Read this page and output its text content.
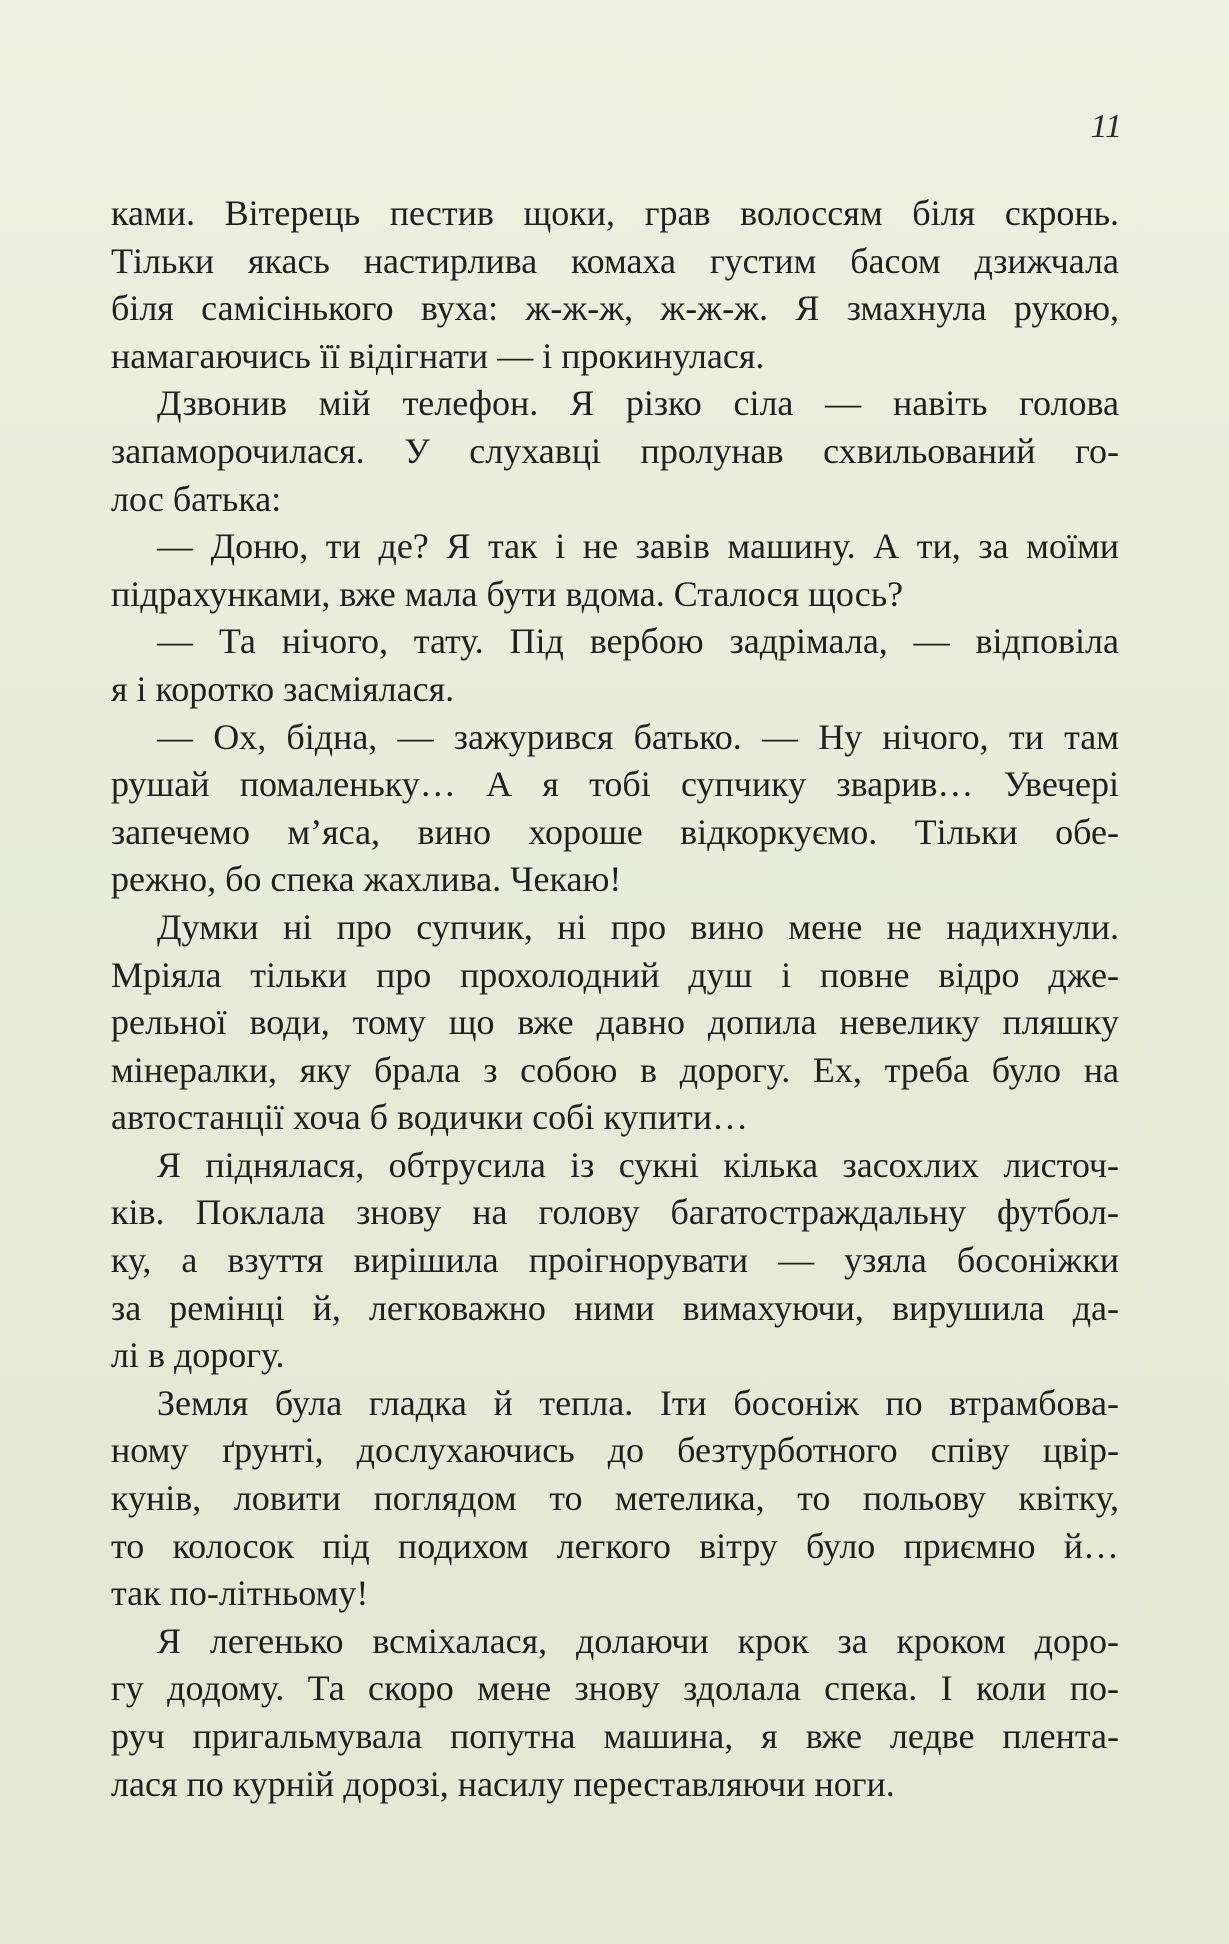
11
ками. Вітерець пестив щоки, грав волоссям біля скронь.
Тільки якась настирлива комаха густим басом дзижчала
біля самісінького вуха: ж-ж-ж, ж-ж-ж. Я змахнула рукою,
намагаючись її відігнати — і прокинулася.
Дзвонив мій телефон. Я різко сіла — навіть голова
запаморочилася. У слухавці пролунав схвильований го-
лос батька:
— Доню, ти де? Я так і не завів машину. А ти, за моїми
підрахунками, вже мала бути вдома. Сталося щось?
— Та нічого, тату. Під вербою задрімала, — відповіла
я і коротко засміялася.
— Ох, бідна, — зажурився батько. — Ну нічого, ти там
рушай помаленьку… А я тобі супчику зварив… Увечері
запечемо м’яса, вино хороше відкоркуємо. Тільки обе-
режно, бо спека жахлива. Чекаю!
Думки ні про супчик, ні про вино мене не надихнули.
Мріяла тільки про прохолодний душ і повне відро дже-
рельної води, тому що вже давно допила невелику пляшку
мінералки, яку брала з собою в дорогу. Ех, треба було на
автостанції хоча б водички собі купити…
Я піднялася, обтрусила із сукні кілька засохлих листоч-
ків. Поклала знову на голову багатостраждальну футбол-
ку, а взуття вирішила проігнорувати — узяла босоніжки
за ремінці й, легковажно ними вимахуючи, вирушила да-
лі в дорогу.
Земля була гладка й тепла. Іти босоніж по втрамбова-
ному ґрунті, дослухаючись до безтурботного співу цвір-
кунів, ловити поглядом то метелика, то польову квітку,
то колосок під подихом легкого вітру було приємно й…
так по-літньому!
Я легенько всміхалася, долаючи крок за кроком доро-
гу додому. Та скоро мене знову здолала спека. І коли по-
руч пригальмувала попутна машина, я вже ледве плента-
лася по курній дорозі, насилу переставляючи ноги.
